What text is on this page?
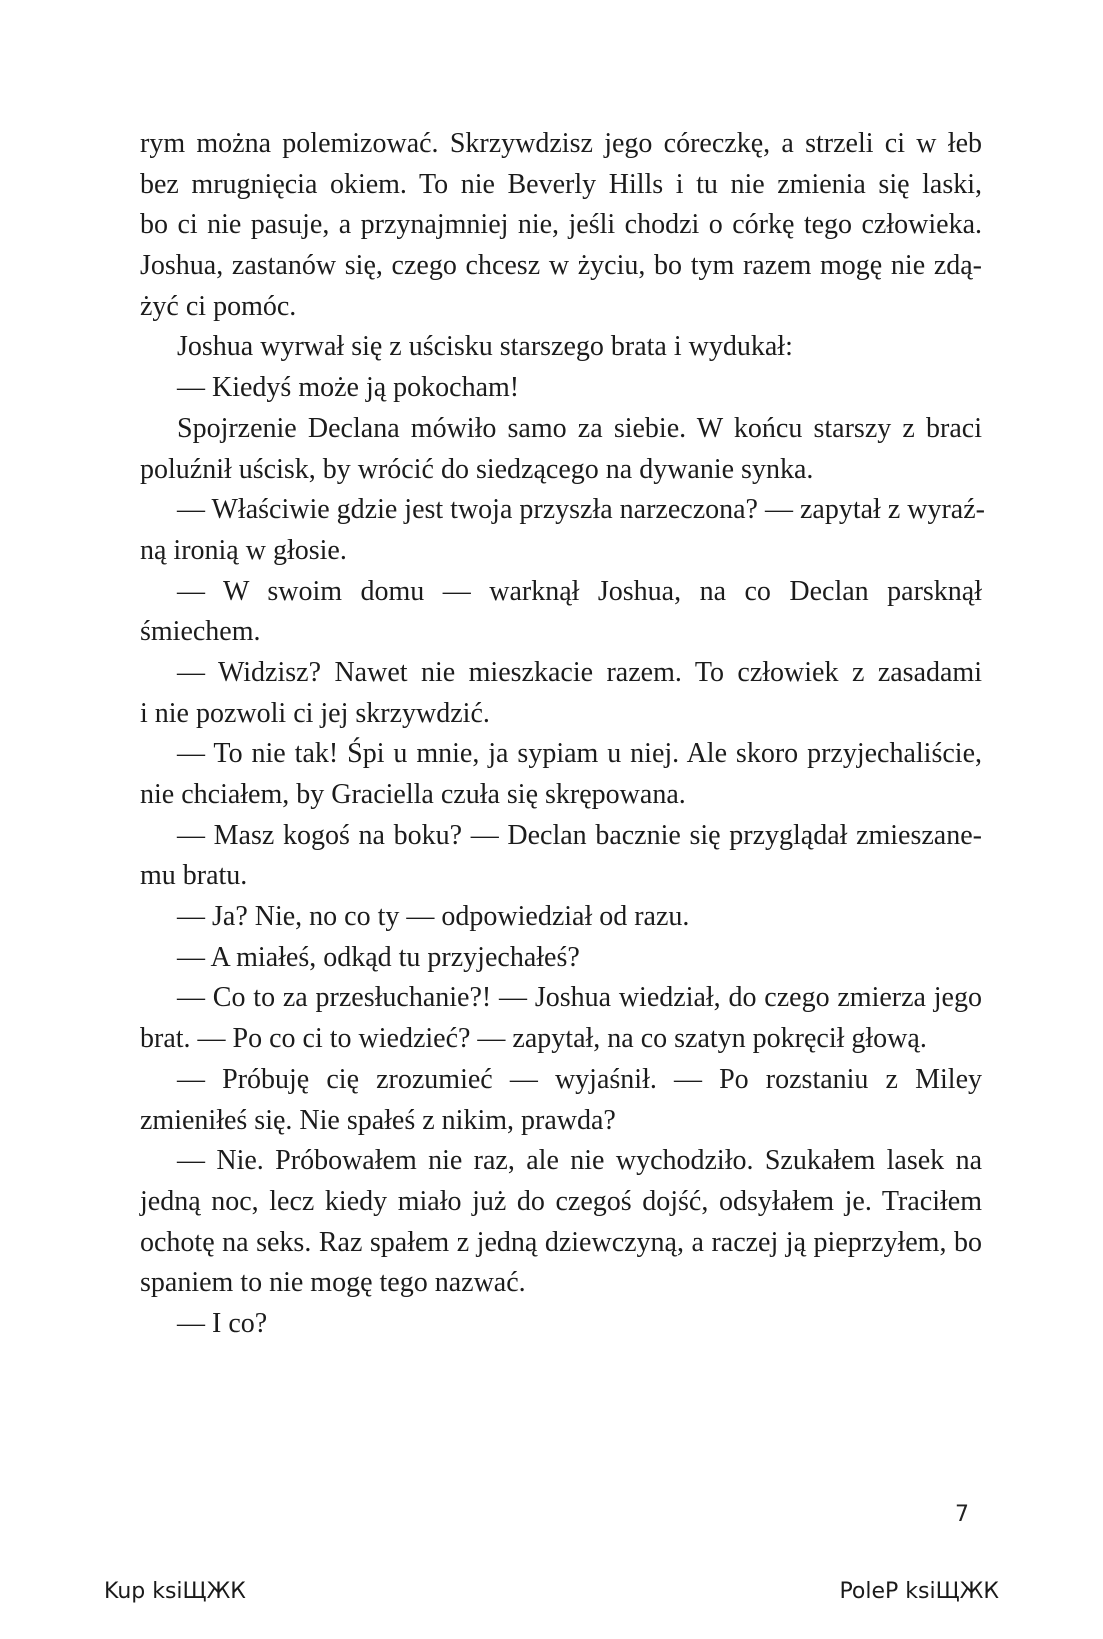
rym można polemizować. Skrzywdzisz jego córeczkę, a strzeli ci w łeb
bez mrugnięcia okiem. To nie Beverly Hills i tu nie zmienia się laski,
bo ci nie pasuje, a przynajmniej nie, jeśli chodzi o córkę tego człowieka.
Joshua, zastanów się, czego chcesz w życiu, bo tym razem mogę nie zdą-
żyć ci pomóc.
Joshua wyrwał się z uścisku starszego brata i wydukał:
— Kiedyś może ją pokocham!
Spojrzenie Declana mówiło samo za siebie. W końcu starszy z braci
poluźnił uścisk, by wrócić do siedzącego na dywanie synka.
— Właściwie gdzie jest twoja przyszła narzeczona? — zapytał z wyraź-
ną ironią w głosie.
— W swoim domu — warknął Joshua, na co Declan parsknął
śmiechem.
— Widzisz? Nawet nie mieszkacie razem. To człowiek z zasadami
i nie pozwoli ci jej skrzywdzić.
— To nie tak! Śpi u mnie, ja sypiam u niej. Ale skoro przyjechaliście,
nie chciałem, by Graciella czuła się skrępowana.
— Masz kogoś na boku? — Declan bacznie się przyglądał zmieszane-
mu bratu.
— Ja? Nie, no co ty — odpowiedział od razu.
— A miałeś, odkąd tu przyjechałeś?
— Co to za przesłuchanie?! — Joshua wiedział, do czego zmierza jego
brat. — Po co ci to wiedzieć? — zapytał, na co szatyn pokręcił głową.
— Próbuję cię zrozumieć — wyjaśnił. — Po rozstaniu z Miley
zmieniłeś się. Nie spałeś z nikim, prawda?
— Nie. Próbowałem nie raz, ale nie wychodziło. Szukałem lasek na
jedną noc, lecz kiedy miało już do czegoś dojść, odsyłałem je. Traciłem
ochotę na seks. Raz spałem z jedną dziewczyną, a raczej ją pieprzyłem, bo
spaniem to nie mogę tego nazwać.
— I co?
7
Kup ksiЩЖК	PoleР ksiЩЖК
